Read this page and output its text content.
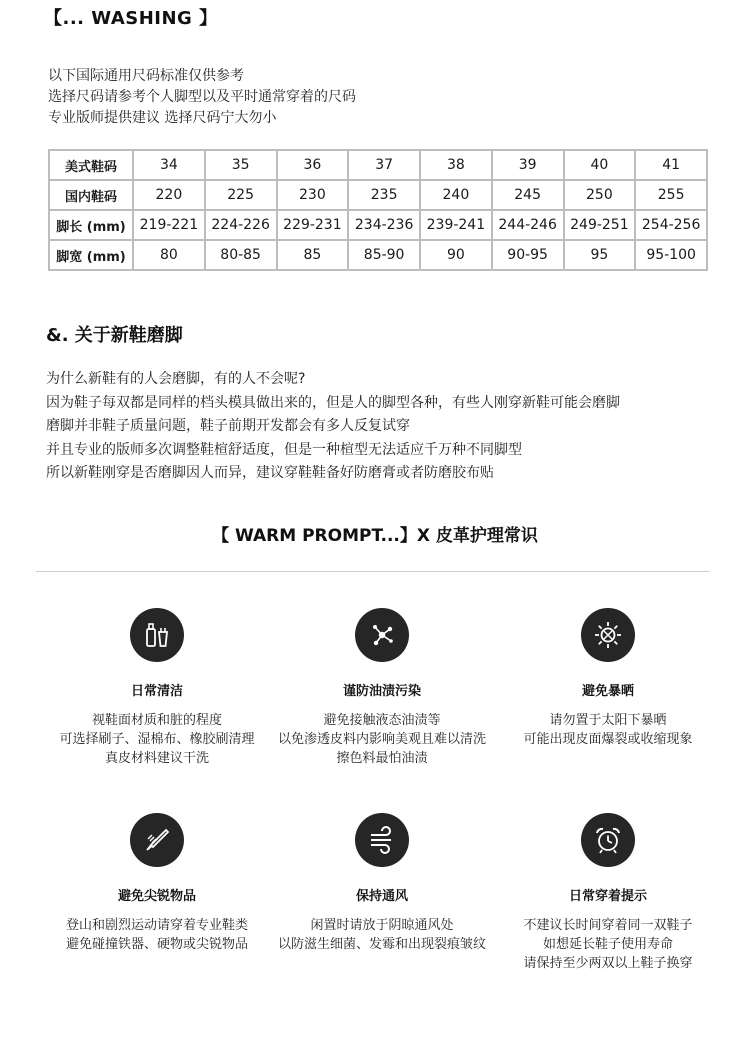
【... WASHING 】
以下国际通用尺码标准仅供参考
选择尺码请参考个人脚型以及平时通常穿着的尺码
专业版师提供建议 选择尺码宁大勿小
美式鞋码	34	35	36	37	38	39	40	41
国内鞋码	220	225	230	235	240	245	250	255
脚长 (mm)	219-221	224-226	229-231	234-236	239-241	244-246	249-251	254-256
脚宽 (mm)	80	80-85	85	85-90	90	90-95	95	95-100
&. 关于新鞋磨脚
为什么新鞋有的人会磨脚，有的人不会呢?
因为鞋子每双都是同样的档头模具做出来的，但是人的脚型各种，有些人刚穿新鞋可能会磨脚
磨脚并非鞋子质量问题，鞋子前期开发都会有多人反复试穿
并且专业的版师多次调整鞋楦舒适度，但是一种楦型无法适应千万种不同脚型
所以新鞋刚穿是否磨脚因人而异，建议穿鞋鞋备好防磨膏或者防磨胶布贴
【 WARM PROMPT...】X 皮革护理常识
日常清洁
视鞋面材质和脏的程度
可选择刷子、湿棉布、橡胶刷清理
真皮材料建议干洗
谨防油渍污染
避免接触液态油渍等
以免渗透皮料内影响美观且难以清洗
擦色料最怕油渍
避免暴晒
请勿置于太阳下暴晒
可能出现皮面爆裂或收缩现象
避免尖锐物品
登山和剧烈运动请穿着专业鞋类
避免碰撞铁器、硬物或尖锐物品
保持通风
闲置时请放于阴晾通风处
以防滋生细菌、发霉和出现裂痕皱纹
日常穿着提示
不建议长时间穿着同一双鞋子
如想延长鞋子使用寿命
请保持至少两双以上鞋子换穿
